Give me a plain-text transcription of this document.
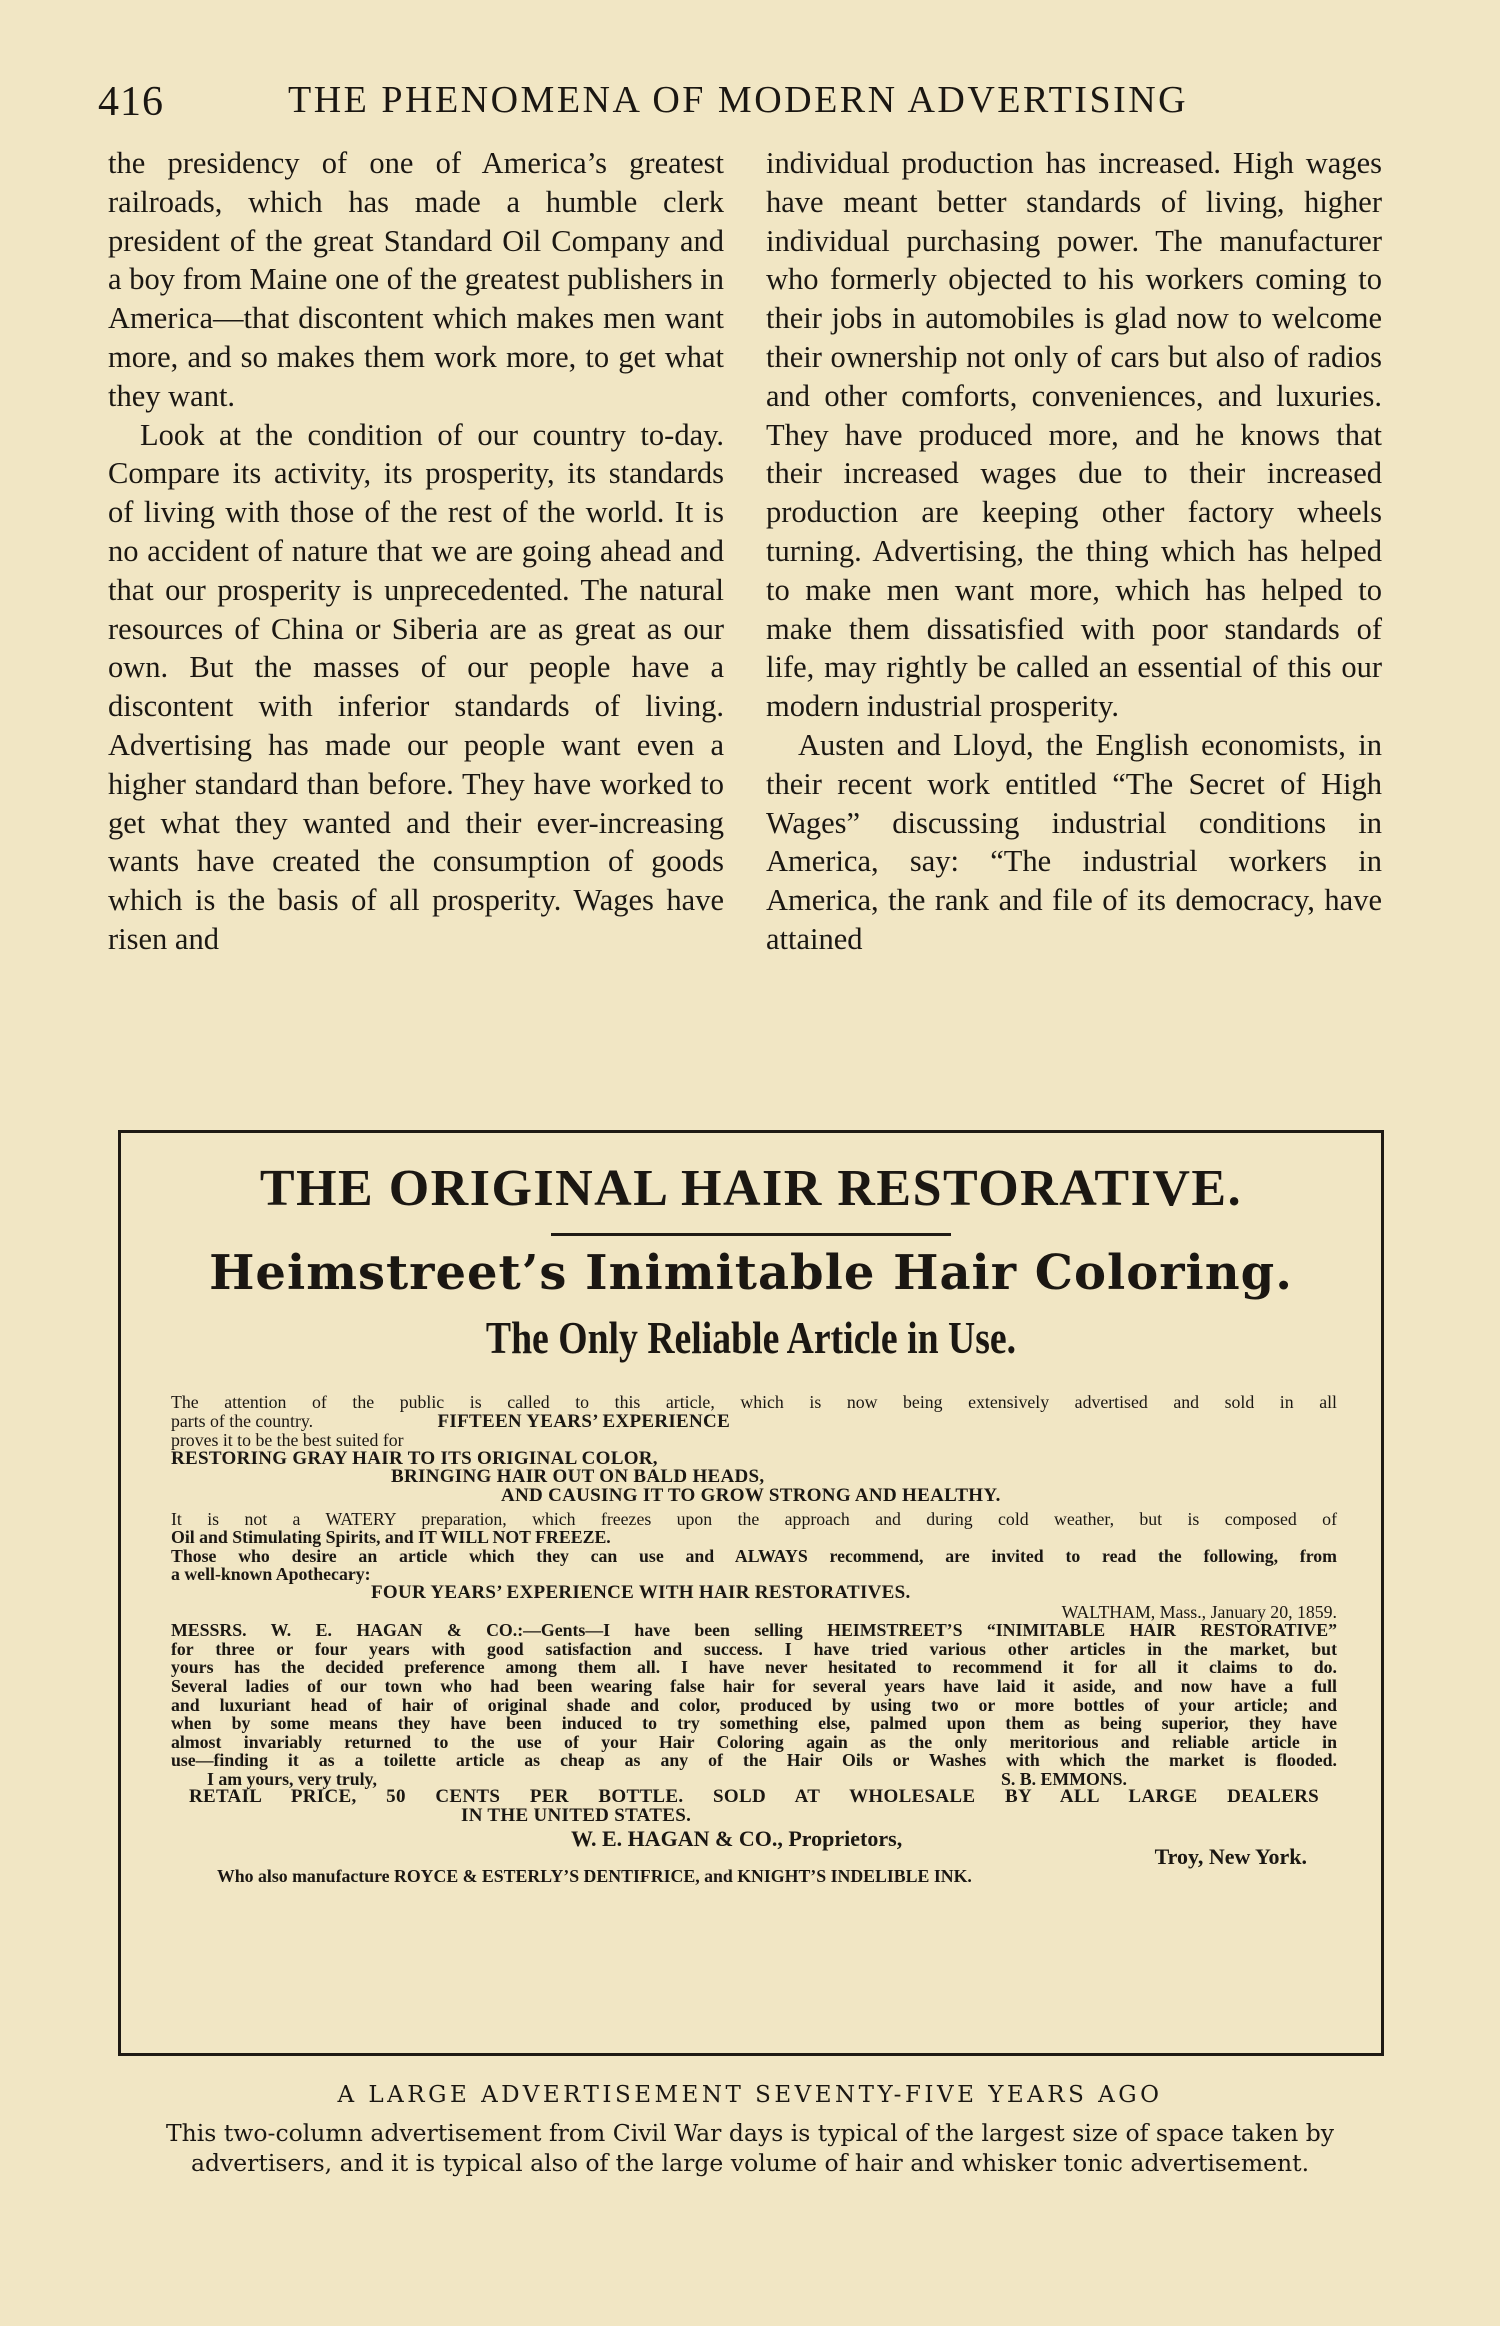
416	THE PHENOMENA OF MODERN ADVERTISING

the presidency of one of America’s greatest railroads, which has made a humble clerk president of the great Standard Oil Company and a boy from Maine one of the greatest publishers in America—that discontent which makes men want more, and so makes them work more, to get what they want.

Look at the condition of our country to-day. Compare its activity, its prosperity, its standards of living with those of the rest of the world. It is no accident of nature that we are going ahead and that our prosperity is unprecedented. The natural resources of China or Siberia are as great as our own. But the masses of our people have a discontent with inferior standards of living. Advertising has made our people want even a higher standard than before. They have worked to get what they wanted and their ever-increasing wants have created the consumption of goods which is the basis of all prosperity. Wages have risen and

individual production has increased. High wages have meant better standards of living, higher individual purchasing power. The manufacturer who formerly objected to his workers coming to their jobs in automobiles is glad now to welcome their ownership not only of cars but also of radios and other comforts, conveniences, and luxuries. They have produced more, and he knows that their increased wages due to their increased production are keeping other factory wheels turning. Advertising, the thing which has helped to make men want more, which has helped to make them dissatisfied with poor standards of life, may rightly be called an essential of this our modern industrial prosperity.

Austen and Lloyd, the English economists, in their recent work entitled “The Secret of High Wages” discussing industrial conditions in America, say: “The industrial workers in America, the rank and file of its democracy, have attained

THE ORIGINAL HAIR RESTORATIVE.
Heimstreet’s Inimitable Hair Coloring.
The Only Reliable Article in Use.
The attention of the public is called to this article, which is now being extensively advertised and sold in all
parts of the country.	FIFTEEN YEARS’ EXPERIENCE
proves it to be the best suited for
RESTORING GRAY HAIR TO ITS ORIGINAL COLOR,
BRINGING HAIR OUT ON BALD HEADS,
AND CAUSING IT TO GROW STRONG AND HEALTHY.
It is not a WATERY preparation, which freezes upon the approach and during cold weather, but is composed of
Oil and Stimulating Spirits, and IT WILL NOT FREEZE.
Those who desire an article which they can use and ALWAYS recommend, are invited to read the following, from
a well-known Apothecary:
FOUR YEARS’ EXPERIENCE WITH HAIR RESTORATIVES.
WALTHAM, Mass., January 20, 1859.
MESSRS. W. E. HAGAN & CO.:—Gents—I have been selling HEIMSTREET’S “INIMITABLE HAIR RESTORATIVE”
for three or four years with good satisfaction and success. I have tried various other articles in the market, but
yours has the decided preference among them all. I have never hesitated to recommend it for all it claims to do.
Several ladies of our town who had been wearing false hair for several years have laid it aside, and now have a full
and luxuriant head of hair of original shade and color, produced by using two or more bottles of your article; and
when by some means they have been induced to try something else, palmed upon them as being superior, they have
almost invariably returned to the use of your Hair Coloring again as the only meritorious and reliable article in
use—finding it as a toilette article as cheap as any of the Hair Oils or Washes with which the market is flooded.
I am yours, very truly,	S. B. EMMONS.
RETAIL PRICE, 50 CENTS PER BOTTLE. SOLD AT WHOLESALE BY ALL LARGE DEALERS
IN THE UNITED STATES.
W. E. HAGAN & CO., Proprietors,
Troy, New York.
Who also manufacture ROYCE & ESTERLY’S DENTIFRICE, and KNIGHT’S INDELIBLE INK.
A LARGE ADVERTISEMENT SEVENTY-FIVE YEARS AGO
This two-column advertisement from Civil War days is typical of the largest size of space taken by advertisers, and it is typical also of the large volume of hair and whisker tonic advertisement.
